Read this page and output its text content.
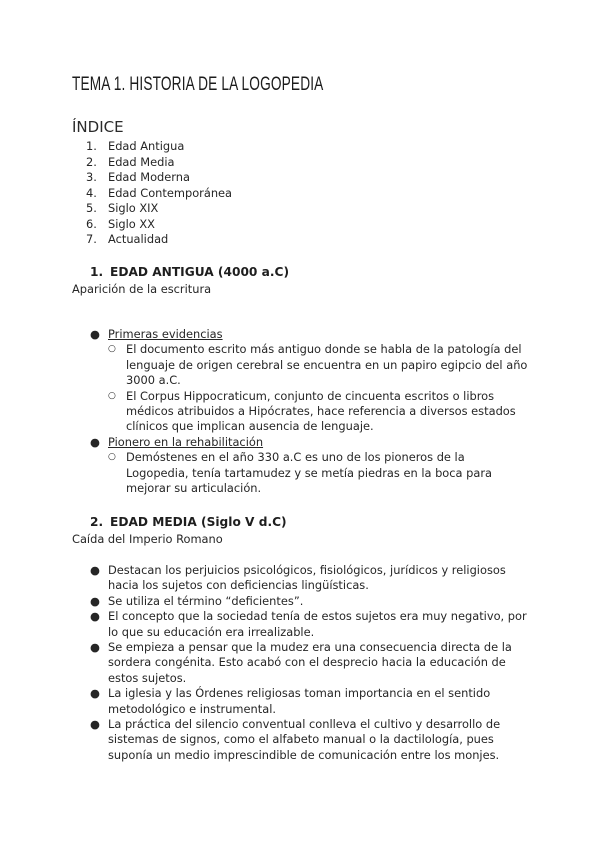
TEMA 1. HISTORIA DE LA LOGOPEDIA
ÍNDICE
1. Edad Antigua
2. Edad Media
3. Edad Moderna
4. Edad Contemporánea
5. Siglo XIX
6. Siglo XX
7. Actualidad
1. EDAD ANTIGUA (4000 a.C)
Aparición de la escritura
● Primeras evidencias
○ El documento escrito más antiguo donde se habla de la patología del lenguaje de origen cerebral se encuentra en un papiro egipcio del año 3000 a.C.
○ El Corpus Hippocraticum, conjunto de cincuenta escritos o libros médicos atribuidos a Hipócrates, hace referencia a diversos estados clínicos que implican ausencia de lenguaje.
● Pionero en la rehabilitación
○ Demóstenes en el año 330 a.C es uno de los pioneros de la Logopedia, tenía tartamudez y se metía piedras en la boca para mejorar su articulación.
2. EDAD MEDIA (Siglo V d.C)
Caída del Imperio Romano
● Destacan los perjuicios psicológicos, fisiológicos, jurídicos y religiosos hacia los sujetos con deficiencias lingüísticas.
● Se utiliza el término “deficientes”.
● El concepto que la sociedad tenía de estos sujetos era muy negativo, por lo que su educación era irrealizable.
● Se empieza a pensar que la mudez era una consecuencia directa de la sordera congénita. Esto acabó con el desprecio hacia la educación de estos sujetos.
● La iglesia y las Órdenes religiosas toman importancia en el sentido metodológico e instrumental.
● La práctica del silencio conventual conlleva el cultivo y desarrollo de sistemas de signos, como el alfabeto manual o la dactilología, pues suponía un medio imprescindible de comunicación entre los monjes.
